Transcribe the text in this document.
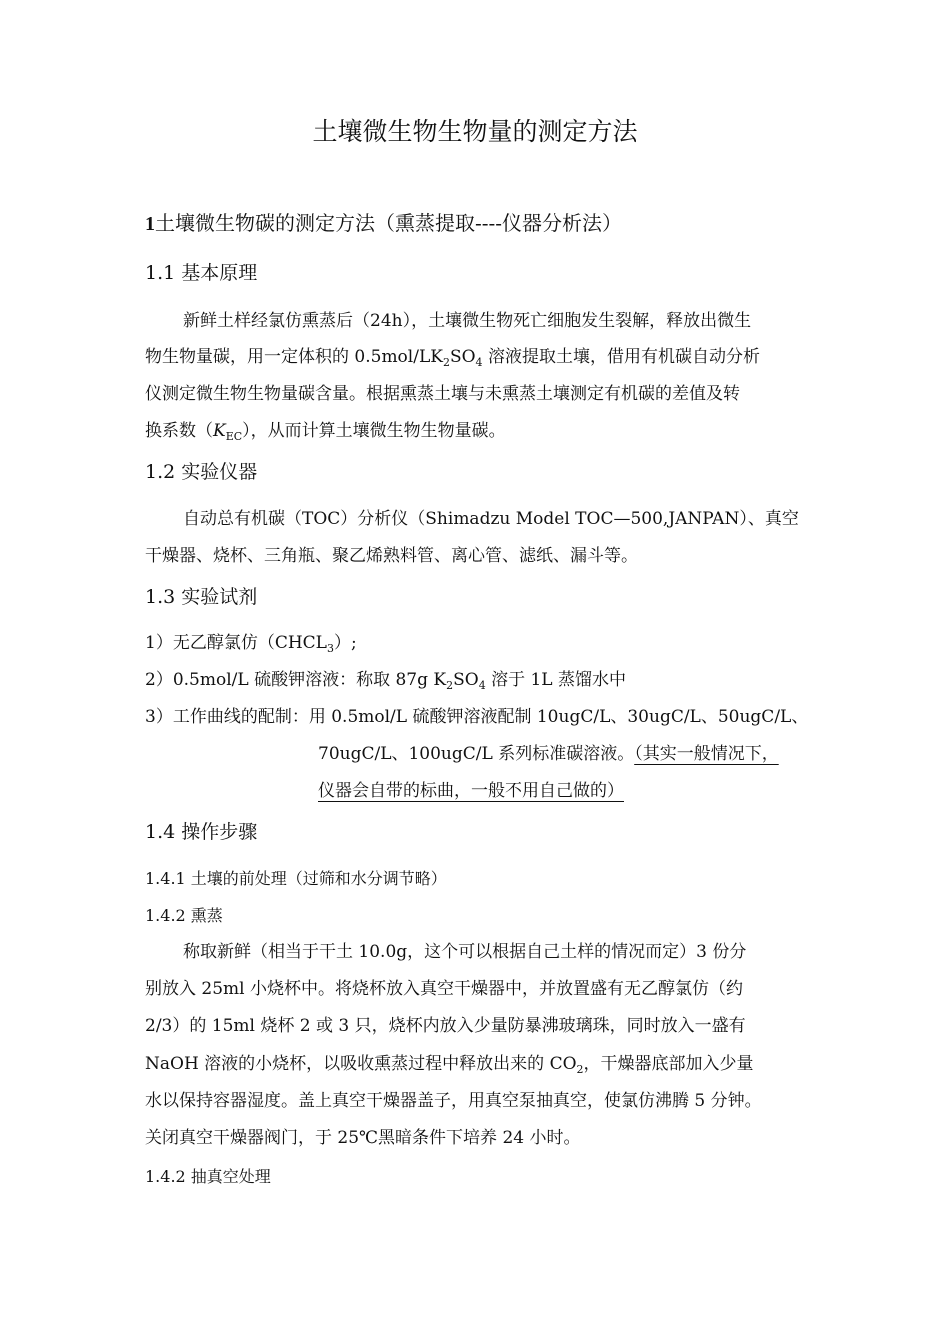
土壤微生物生物量的测定方法
1土壤微生物碳的测定方法（熏蒸提取----仪器分析法）
1.1 基本原理
新鲜土样经氯仿熏蒸后（24h），土壤微生物死亡细胞发生裂解，释放出微生
物生物量碳，用一定体积的 $0.5mol/LK_2SO_4$ 溶液提取土壤，借用有机碳自动分析
仪测定微生物生物量碳含量。根据熏蒸土壤与未熏蒸土壤测定有机碳的差值及转
换系数$(K_{EC})$，从而计算土壤微生物生物量碳。
1.2 实验仪器
自动总有机碳（TOC）分析仪（Shimadzu Model TOC—500,JANPAN）、真空
干燥器、烧杯、三角瓶、聚乙烯熟料管、离心管、滤纸、漏斗等。
1.3 实验试剂
1）无乙醇氯仿$(CHCL_3)$;
2）0.5mol/L 硫酸钾溶液：称取 87g $K_2SO_4$ 溶于 1L 蒸馏水中
3）工作曲线的配制：用 0.5mol/L 硫酸钾溶液配制 10ugC/L、30ugC/L、50ugC/L、
70ugC/L、100ugC/L 系列标准碳溶液。（其实一般情况下，
仪器会自带的标曲，一般不用自己做的）
1.4 操作步骤
1.4.1 土壤的前处理（过筛和水分调节略）
1.4.2 熏蒸
称取新鲜（相当于干土 10.0g，这个可以根据自己土样的情况而定）3 份分
别放入 25ml 小烧杯中。将烧杯放入真空干燥器中，并放置盛有无乙醇氯仿（约
2/3）的 15ml 烧杯 2 或 3 只，烧杯内放入少量防暴沸玻璃珠，同时放入一盛有
NaOH 溶液的小烧杯，以吸收熏蒸过程中释放出来的 $CO_2$，干燥器底部加入少量
水以保持容器湿度。盖上真空干燥器盖子，用真空泵抽真空，使氯仿沸腾 5 分钟。
关闭真空干燥器阀门，于 25℃黑暗条件下培养 24 小时。
1.4.2 抽真空处理
